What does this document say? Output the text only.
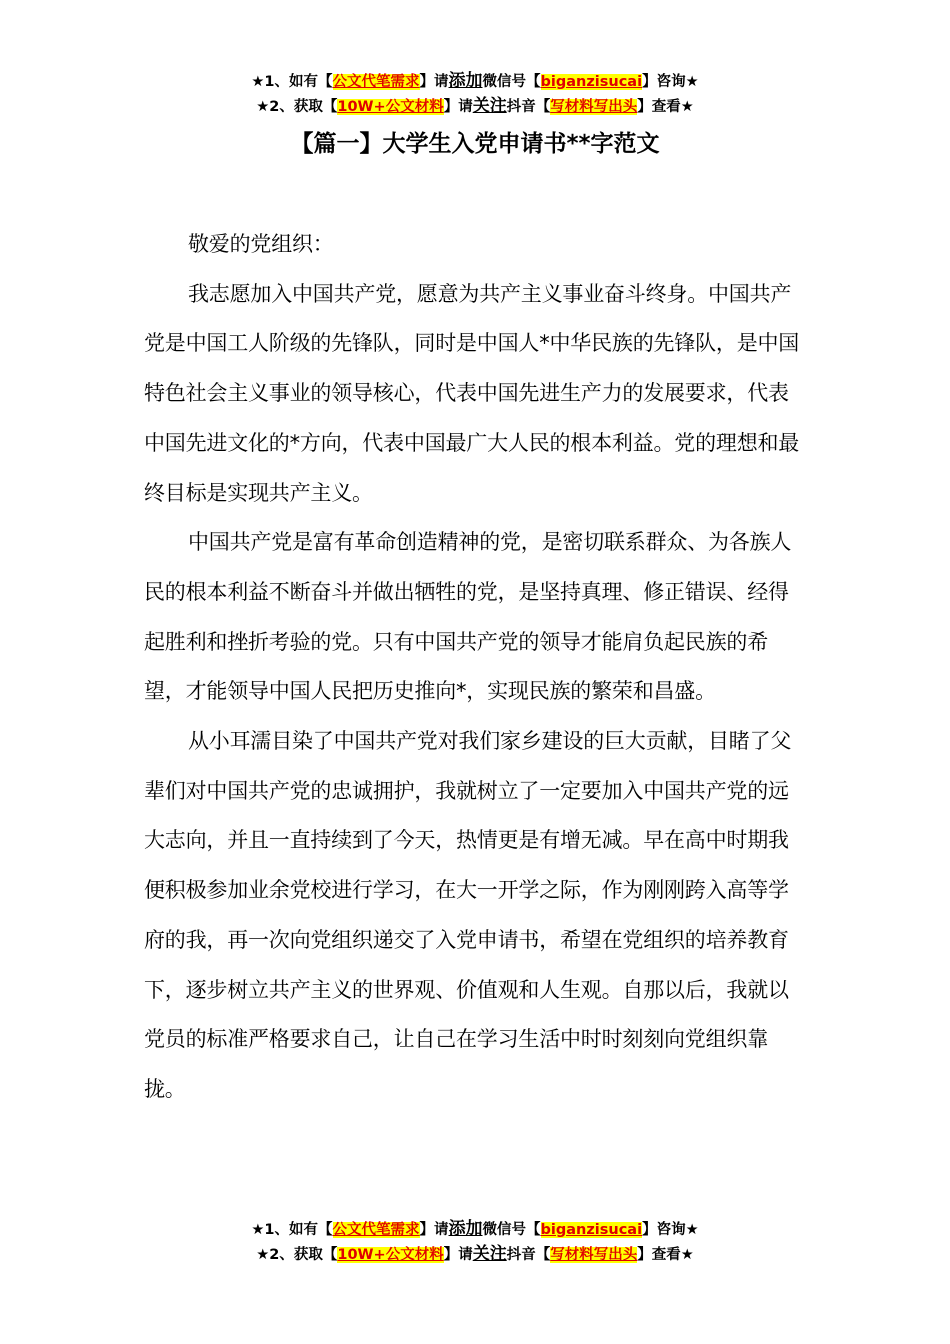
★1、如有【公文代笔需求】请添加微信号【biganzisucai】咨询★
★2、获取【10W+公文材料】请关注抖音【写材料写出头】查看★
【篇一】大学生入党申请书**字范文

敬爱的党组织：

我志愿加入中国共产党，愿意为共产主义事业奋斗终身。中国共产党是中国工人阶级的先锋队，同时是中国人*中华民族的先锋队，是中国特色社会主义事业的领导核心，代表中国先进生产力的发展要求，代表中国先进文化的*方向，代表中国最广大人民的根本利益。党的理想和最终目标是实现共产主义。

中国共产党是富有革命创造精神的党，是密切联系群众、为各族人民的根本利益不断奋斗并做出牺牲的党，是坚持真理、修正错误、经得起胜利和挫折考验的党。只有中国共产党的领导才能肩负起民族的希望，才能领导中国人民把历史推向*，实现民族的繁荣和昌盛。

从小耳濡目染了中国共产党对我们家乡建设的巨大贡献，目睹了父辈们对中国共产党的忠诚拥护，我就树立了一定要加入中国共产党的远大志向，并且一直持续到了今天，热情更是有增无减。早在高中时期我便积极参加业余党校进行学习，在大一开学之际，作为刚刚跨入高等学府的我，再一次向党组织递交了入党申请书，希望在党组织的培养教育下，逐步树立共产主义的世界观、价值观和人生观。自那以后，我就以党员的标准严格要求自己，让自己在学习生活中时时刻刻向党组织靠拢。

★1、如有【公文代笔需求】请添加微信号【biganzisucai】咨询★
★2、获取【10W+公文材料】请关注抖音【写材料写出头】查看★
